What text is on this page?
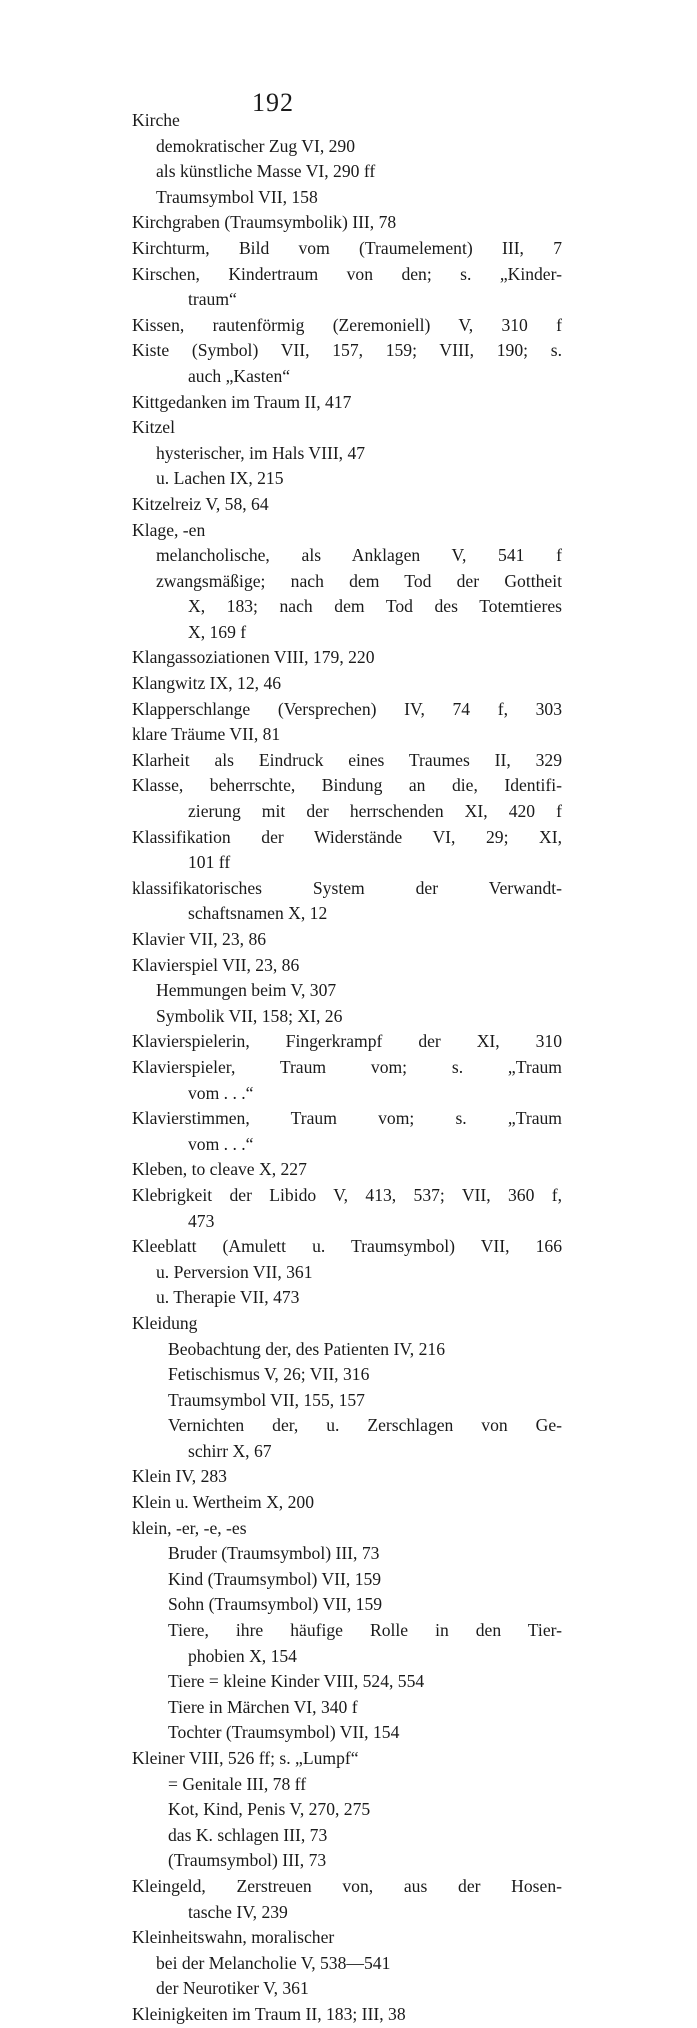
192
Kirche
demokratischer Zug VI, 290
als künstliche Masse VI, 290 ff
Traumsymbol VII, 158
Kirchgraben (Traumsymbolik) III, 78
Kirchturm, Bild vom (Traumelement) III, 7
Kirschen, Kindertraum von den; s. „Kinder-
traum“
Kissen, rautenförmig (Zeremoniell) V, 310 f
Kiste (Symbol) VII, 157, 159; VIII, 190; s.
auch „Kasten“
Kittgedanken im Traum II, 417
Kitzel
hysterischer, im Hals VIII, 47
u. Lachen IX, 215
Kitzelreiz V, 58, 64
Klage, -en
melancholische, als Anklagen V, 541 f
zwangsmäßige; nach dem Tod der Gottheit
X, 183; nach dem Tod des Totemtieres
X, 169 f
Klangassoziationen VIII, 179, 220
Klangwitz IX, 12, 46
Klapperschlange (Versprechen) IV, 74 f, 303
klare Träume VII, 81
Klarheit als Eindruck eines Traumes II, 329
Klasse, beherrschte, Bindung an die, Identifi-
zierung mit der herrschenden XI, 420 f
Klassifikation der Widerstände VI, 29; XI,
101 ff
klassifikatorisches System der Verwandt-
schaftsnamen X, 12
Klavier VII, 23, 86
Klavierspiel VII, 23, 86
Hemmungen beim V, 307
Symbolik VII, 158; XI, 26
Klavierspielerin, Fingerkrampf der XI, 310
Klavierspieler, Traum vom; s. „Traum
vom . . .“
Klavierstimmen, Traum vom; s. „Traum
vom . . .“
Kleben, to cleave X, 227
Klebrigkeit der Libido V, 413, 537; VII, 360 f,
473
Kleeblatt (Amulett u. Traumsymbol) VII, 166
u. Perversion VII, 361
u. Therapie VII, 473
Kleidung
Beobachtung der, des Patienten IV, 216
Fetischismus V, 26; VII, 316
Traumsymbol VII, 155, 157
Vernichten der, u. Zerschlagen von Ge-
schirr X, 67
Klein IV, 283
Klein u. Wertheim X, 200
klein, -er, -e, -es
Bruder (Traumsymbol) III, 73
Kind (Traumsymbol) VII, 159
Sohn (Traumsymbol) VII, 159
Tiere, ihre häufige Rolle in den Tier-
phobien X, 154
Tiere = kleine Kinder VIII, 524, 554
Tiere in Märchen VI, 340 f
Tochter (Traumsymbol) VII, 154
Kleiner VIII, 526 ff; s. „Lumpf“
= Genitale III, 78 ff
Kot, Kind, Penis V, 270, 275
das K. schlagen III, 73
(Traumsymbol) III, 73
Kleingeld, Zerstreuen von, aus der Hosen-
tasche IV, 239
Kleinheitswahn, moralischer
bei der Melancholie V, 538—541
der Neurotiker V, 361
Kleinigkeiten im Traum II, 183; III, 38
